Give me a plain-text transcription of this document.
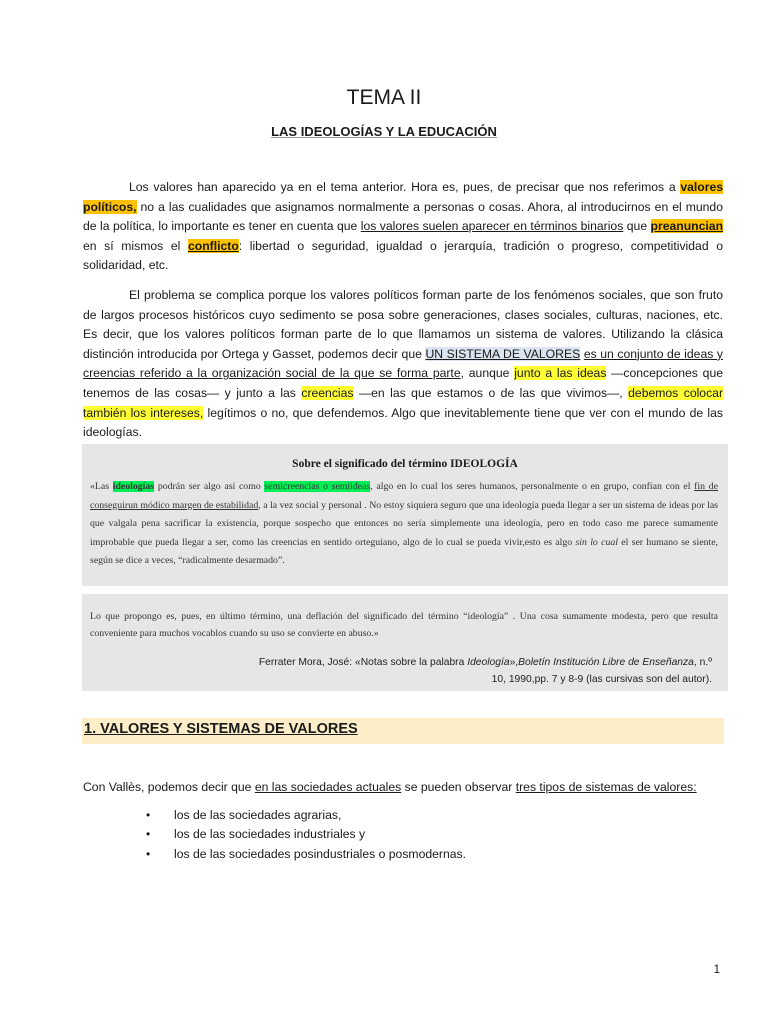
TEMA II
LAS IDEOLOGÍAS Y LA EDUCACIÓN

Los valores han aparecido ya en el tema anterior. Hora es, pues, de precisar que nos referimos a valores políticos, no a las cualidades que asignamos normalmente a personas o cosas. Ahora, al introducirnos en el mundo de la política, lo importante es tener en cuenta que los valores suelen aparecer en términos binarios que preanuncian en sí mismos el conflicto: libertad o seguridad, igualdad o jerarquía, tradición o progreso, competitividad o solidaridad, etc.

El problema se complica porque los valores políticos forman parte de los fenómenos sociales, que son fruto de largos procesos históricos cuyo sedimento se posa sobre generaciones, clases sociales, culturas, naciones, etc. Es decir, que los valores políticos forman parte de lo que llamamos un sistema de valores. Utilizando la clásica distinción introducida por Ortega y Gasset, podemos decir que UN SISTEMA DE VALORES es un conjunto de ideas y creencias referido a la organización social de la que se forma parte, aunque junto a las ideas —concepciones que tenemos de las cosas— y junto a las creencias —en las que estamos o de las que vivimos—, debemos colocar también los intereses, legítimos o no, que defendemos. Algo que inevitablemente tiene que ver con el mundo de las ideologías.

Sobre el significado del término IDEOLOGÍA

«Las ideologías podrán ser algo así como semicreencias o semiideas, algo en lo cual los seres humanos, personalmente o en grupo, confían con el fin de conseguirun módico margen de estabilidad, a la vez social y personal . No estoy siquiera seguro que una ideología pueda llegar a ser un sistema de ideas por las que valgala pena sacrificar la existencia, porque sospecho que entonces no sería simplemente una ideología, pero en todo caso me parece sumamente improbable que pueda llegar a ser, como las creencias en sentido orteguiano, algo de lo cual se pueda vivir,esto es algo sin lo cual el ser humano se siente, según se dice a veces, “radicalmente desarmado”.

Lo que propongo es, pues, en último término, una deflación del significado del término “ideología” . Una cosa sumamente modesta, pero que resulta conveniente para muchos vocablos cuando su uso se convierte en abuso.»

Ferrater Mora, José: «Notas sobre la palabra Ideología»,Boletín Institución Libre de Enseñanza, n.º 10, 1990,pp. 7 y 8-9 (las cursivas son del autor).

1. VALORES Y SISTEMAS DE VALORES

Con Vallès, podemos decir que en las sociedades actuales se pueden observar tres tipos de sistemas de valores:

• los de las sociedades agrarias,
• los de las sociedades industriales y
• los de las sociedades posindustriales o posmodernas.

1
